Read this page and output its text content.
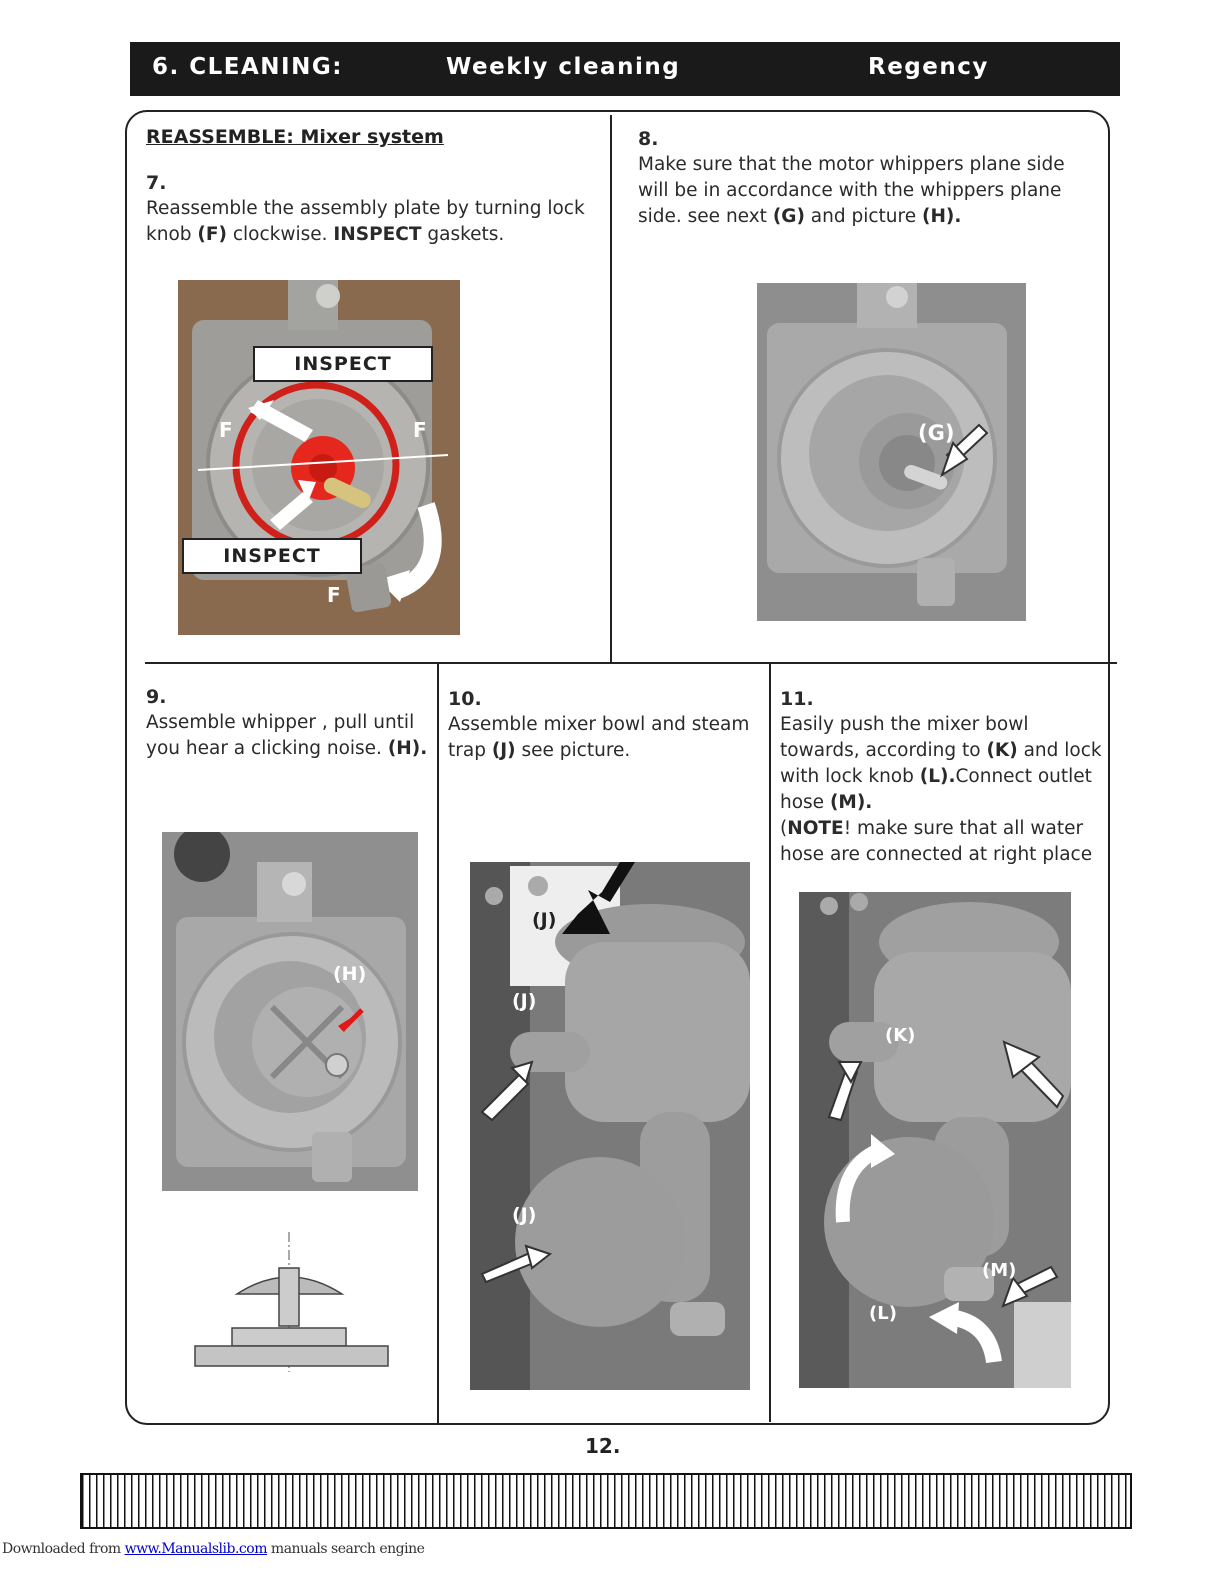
6. CLEANING:	Weekly cleaning	Regency
REASSEMBLE: Mixer system
7.
Reassemble the assembly plate by turning lock knob (F) clockwise. INSPECT gaskets.
INSPECT
INSPECT
F	F
F
8.
Make sure that the motor whippers plane side will be in accordance with the whippers plane side. see next (G) and picture (H).
(G)
9.
Assemble whipper , pull until you hear a clicking noise. (H).
(H)
10.
Assemble mixer bowl and steam trap (J) see picture.
(J)
(J)
(J)
11.
Easily push the mixer bowl towards, according to (K) and lock with lock knob (L).Connect outlet hose (M).
(NOTE! make sure that all water hose are connected at right place
(K)
(L)
(M)
12.
Downloaded from www.Manualslib.com manuals search engine
